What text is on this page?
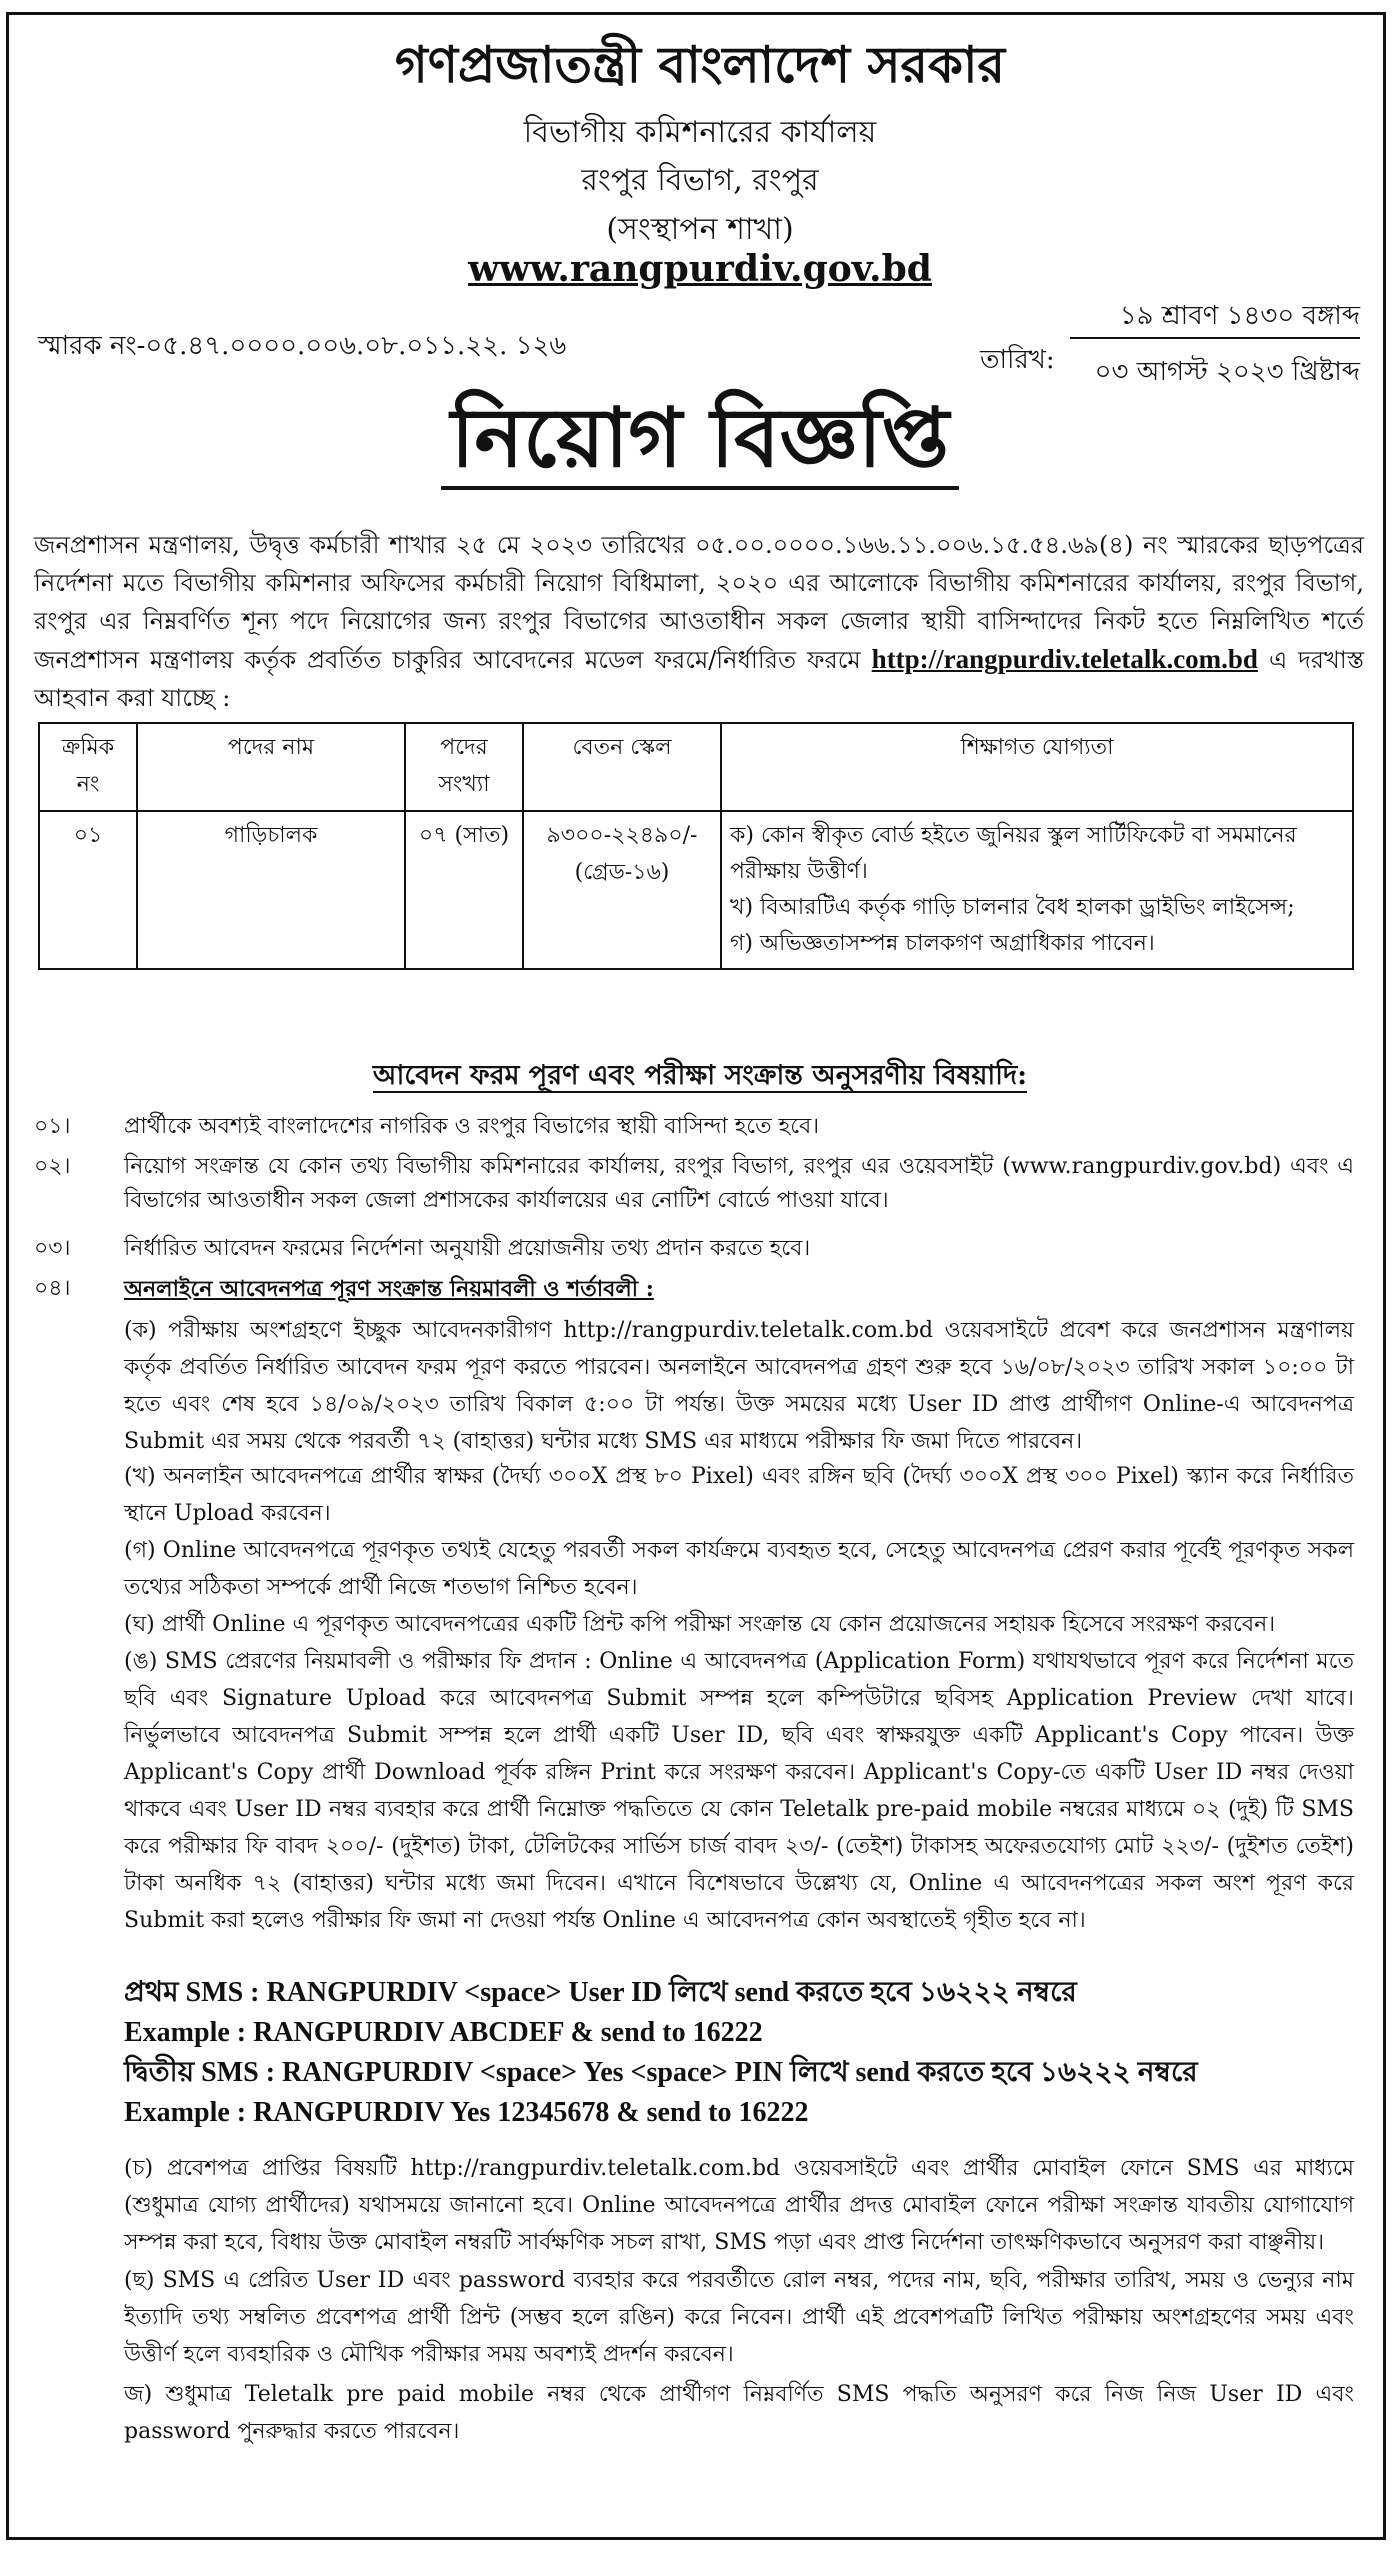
গণপ্রজাতন্ত্রী বাংলাদেশ সরকার
বিভাগীয় কমিশনারের কার্যালয়
রংপুর বিভাগ, রংপুর
(সংস্থাপন শাখা)
www.rangpurdiv.gov.bd
স্মারক নং-০৫.৪৭.০০০০.০০৬.০৮.০১১.২২. ১২৬	তারিখ:
১৯ শ্রাবণ ১৪৩০ বঙ্গাব্দ
০৩ আগস্ট ২০২৩ খ্রিষ্টাব্দ
নিয়োগ বিজ্ঞপ্তি
জনপ্রশাসন মন্ত্রণালয়, উদ্বৃত্ত কর্মচারী শাখার ২৫ মে ২০২৩ তারিখের ০৫.০০.০০০০.১৬৬.১১.০০৬.১৫.৫৪.৬৯(৪) নং স্মারকের ছাড়পত্রের নির্দেশনা মতে বিভাগীয় কমিশনার অফিসের কর্মচারী নিয়োগ বিধিমালা, ২০২০ এর আলোকে বিভাগীয় কমিশনারের কার্যালয়, রংপুর বিভাগ, রংপুর এর নিম্নবর্ণিত শূন্য পদে নিয়োগের জন্য রংপুর বিভাগের আওতাধীন সকল জেলার স্থায়ী বাসিন্দাদের নিকট হতে নিম্নলিখিত শর্তে জনপ্রশাসন মন্ত্রণালয় কর্তৃক প্রবর্তিত চাকুরির আবেদনের মডেল ফরমে/নির্ধারিত ফরমে http://rangpurdiv.teletalk.com.bd এ দরখাস্ত আহবান করা যাচ্ছে :
ক্রমিক নং	পদের নাম	পদের সংখ্যা	বেতন স্কেল	শিক্ষাগত যোগ্যতা
০১	গাড়িচালক	০৭ (সাত)	৯৩০০-২২৪৯০/- (গ্রেড-১৬)	ক) কোন স্বীকৃত বোর্ড হইতে জুনিয়র স্কুল সার্টিফিকেট বা সমমানের পরীক্ষায় উত্তীর্ণ।
খ) বিআরটিএ কর্তৃক গাড়ি চালনার বৈধ হালকা ড্রাইভিং লাইসেন্স;
গ) অভিজ্ঞতাসম্পন্ন চালকগণ অগ্রাধিকার পাবেন।
আবেদন ফরম পূরণ এবং পরীক্ষা সংক্রান্ত অনুসরণীয় বিষয়াদি:
০১। প্রার্থীকে অবশ্যই বাংলাদেশের নাগরিক ও রংপুর বিভাগের স্থায়ী বাসিন্দা হতে হবে।
০২। নিয়োগ সংক্রান্ত যে কোন তথ্য বিভাগীয় কমিশনারের কার্যালয়, রংপুর বিভাগ, রংপুর এর ওয়েবসাইট (www.rangpurdiv.gov.bd) এবং এ বিভাগের আওতাধীন সকল জেলা প্রশাসকের কার্যালয়ের এর নোটিশ বোর্ডে পাওয়া যাবে।
০৩। নির্ধারিত আবেদন ফরমের নির্দেশনা অনুযায়ী প্রয়োজনীয় তথ্য প্রদান করতে হবে।
০৪। অনলাইনে আবেদনপত্র পূরণ সংক্রান্ত নিয়মাবলী ও শর্তাবলী :
(ক) পরীক্ষায় অংশগ্রহণে ইচ্ছুক আবেদনকারীগণ http://rangpurdiv.teletalk.com.bd ওয়েবসাইটে প্রবেশ করে জনপ্রশাসন মন্ত্রণালয় কর্তৃক প্রবর্তিত নির্ধারিত আবেদন ফরম পূরণ করতে পারবেন। অনলাইনে আবেদনপত্র গ্রহণ শুরু হবে ১৬/০৮/২০২৩ তারিখ সকাল ১০:০০ টা হতে এবং শেষ হবে ১৪/০৯/২০২৩ তারিখ বিকাল ৫:০০ টা পর্যন্ত। উক্ত সময়ের মধ্যে User ID প্রাপ্ত প্রার্থীগণ Online-এ আবেদনপত্র Submit এর সময় থেকে পরবর্তী ৭২ (বাহাত্তর) ঘন্টার মধ্যে SMS এর মাধ্যমে পরীক্ষার ফি জমা দিতে পারবেন।
(খ) অনলাইন আবেদনপত্রে প্রার্থীর স্বাক্ষর (দৈর্ঘ্য ৩০০X প্রস্থ ৮০ Pixel) এবং রঙ্গিন ছবি (দৈর্ঘ্য ৩০০X প্রস্থ ৩০০ Pixel) স্ক্যান করে নির্ধারিত স্থানে Upload করবেন।
(গ) Online আবেদনপত্রে পূরণকৃত তথ্যই যেহেতু পরবর্তী সকল কার্যক্রমে ব্যবহৃত হবে, সেহেতু আবেদনপত্র প্রেরণ করার পূর্বেই পূরণকৃত সকল তথ্যের সঠিকতা সম্পর্কে প্রার্থী নিজে শতভাগ নিশ্চিত হবেন।
(ঘ) প্রার্থী Online এ পূরণকৃত আবেদনপত্রের একটি প্রিন্ট কপি পরীক্ষা সংক্রান্ত যে কোন প্রয়োজনের সহায়ক হিসেবে সংরক্ষণ করবেন।
(ঙ) SMS প্রেরণের নিয়মাবলী ও পরীক্ষার ফি প্রদান : Online এ আবেদনপত্র (Application Form) যথাযথভাবে পূরণ করে নির্দেশনা মতে ছবি এবং Signature Upload করে আবেদনপত্র Submit সম্পন্ন হলে কম্পিউটারে ছবিসহ Application Preview দেখা যাবে। নির্ভুলভাবে আবেদনপত্র Submit সম্পন্ন হলে প্রার্থী একটি User ID, ছবি এবং স্বাক্ষরযুক্ত একটি Applicant's Copy পাবেন। উক্ত Applicant's Copy প্রার্থী Download পূর্বক রঙ্গিন Print করে সংরক্ষণ করবেন। Applicant's Copy-তে একটি User ID নম্বর দেওয়া থাকবে এবং User ID নম্বর ব্যবহার করে প্রার্থী নিম্নোক্ত পদ্ধতিতে যে কোন Teletalk pre-paid mobile নম্বরের মাধ্যমে ০২ (দুই) টি SMS করে পরীক্ষার ফি বাবদ ২০০/- (দুইশত) টাকা, টেলিটকের সার্ভিস চার্জ বাবদ ২৩/- (তেইশ) টাকাসহ অফেরতযোগ্য মোট ২২৩/- (দুইশত তেইশ) টাকা অনধিক ৭২ (বাহাত্তর) ঘন্টার মধ্যে জমা দিবেন। এখানে বিশেষভাবে উল্লেখ্য যে, Online এ আবেদনপত্রের সকল অংশ পূরণ করে Submit করা হলেও পরীক্ষার ফি জমা না দেওয়া পর্যন্ত Online এ আবেদনপত্র কোন অবস্থাতেই গৃহীত হবে না।
প্রথম SMS : RANGPURDIV <space> User ID লিখে send করতে হবে ১৬২২২ নম্বরে
Example : RANGPURDIV ABCDEF & send to 16222
দ্বিতীয় SMS : RANGPURDIV <space> Yes <space> PIN লিখে send করতে হবে ১৬২২২ নম্বরে
Example : RANGPURDIV Yes 12345678 & send to 16222
(চ) প্রবেশপত্র প্রাপ্তির বিষয়টি http://rangpurdiv.teletalk.com.bd ওয়েবসাইটে এবং প্রার্থীর মোবাইল ফোনে SMS এর মাধ্যমে (শুধুমাত্র যোগ্য প্রার্থীদের) যথাসময়ে জানানো হবে। Online আবেদনপত্রে প্রার্থীর প্রদত্ত মোবাইল ফোনে পরীক্ষা সংক্রান্ত যাবতীয় যোগাযোগ সম্পন্ন করা হবে, বিধায় উক্ত মোবাইল নম্বরটি সার্বক্ষণিক সচল রাখা, SMS পড়া এবং প্রাপ্ত নির্দেশনা তাৎক্ষণিকভাবে অনুসরণ করা বাঞ্ছনীয়।
(ছ) SMS এ প্রেরিত User ID এবং password ব্যবহার করে পরবর্তীতে রোল নম্বর, পদের নাম, ছবি, পরীক্ষার তারিখ, সময় ও ভেন্যুর নাম ইত্যাদি তথ্য সম্বলিত প্রবেশপত্র প্রার্থী প্রিন্ট (সম্ভব হলে রঙিন) করে নিবেন। প্রার্থী এই প্রবেশপত্রটি লিখিত পরীক্ষায় অংশগ্রহণের সময় এবং উত্তীর্ণ হলে ব্যবহারিক ও মৌখিক পরীক্ষার সময় অবশ্যই প্রদর্শন করবেন।
জ) শুধুমাত্র Teletalk pre paid mobile নম্বর থেকে প্রার্থীগণ নিম্নবর্ণিত SMS পদ্ধতি অনুসরণ করে নিজ নিজ User ID এবং password পুনরুদ্ধার করতে পারবেন।
